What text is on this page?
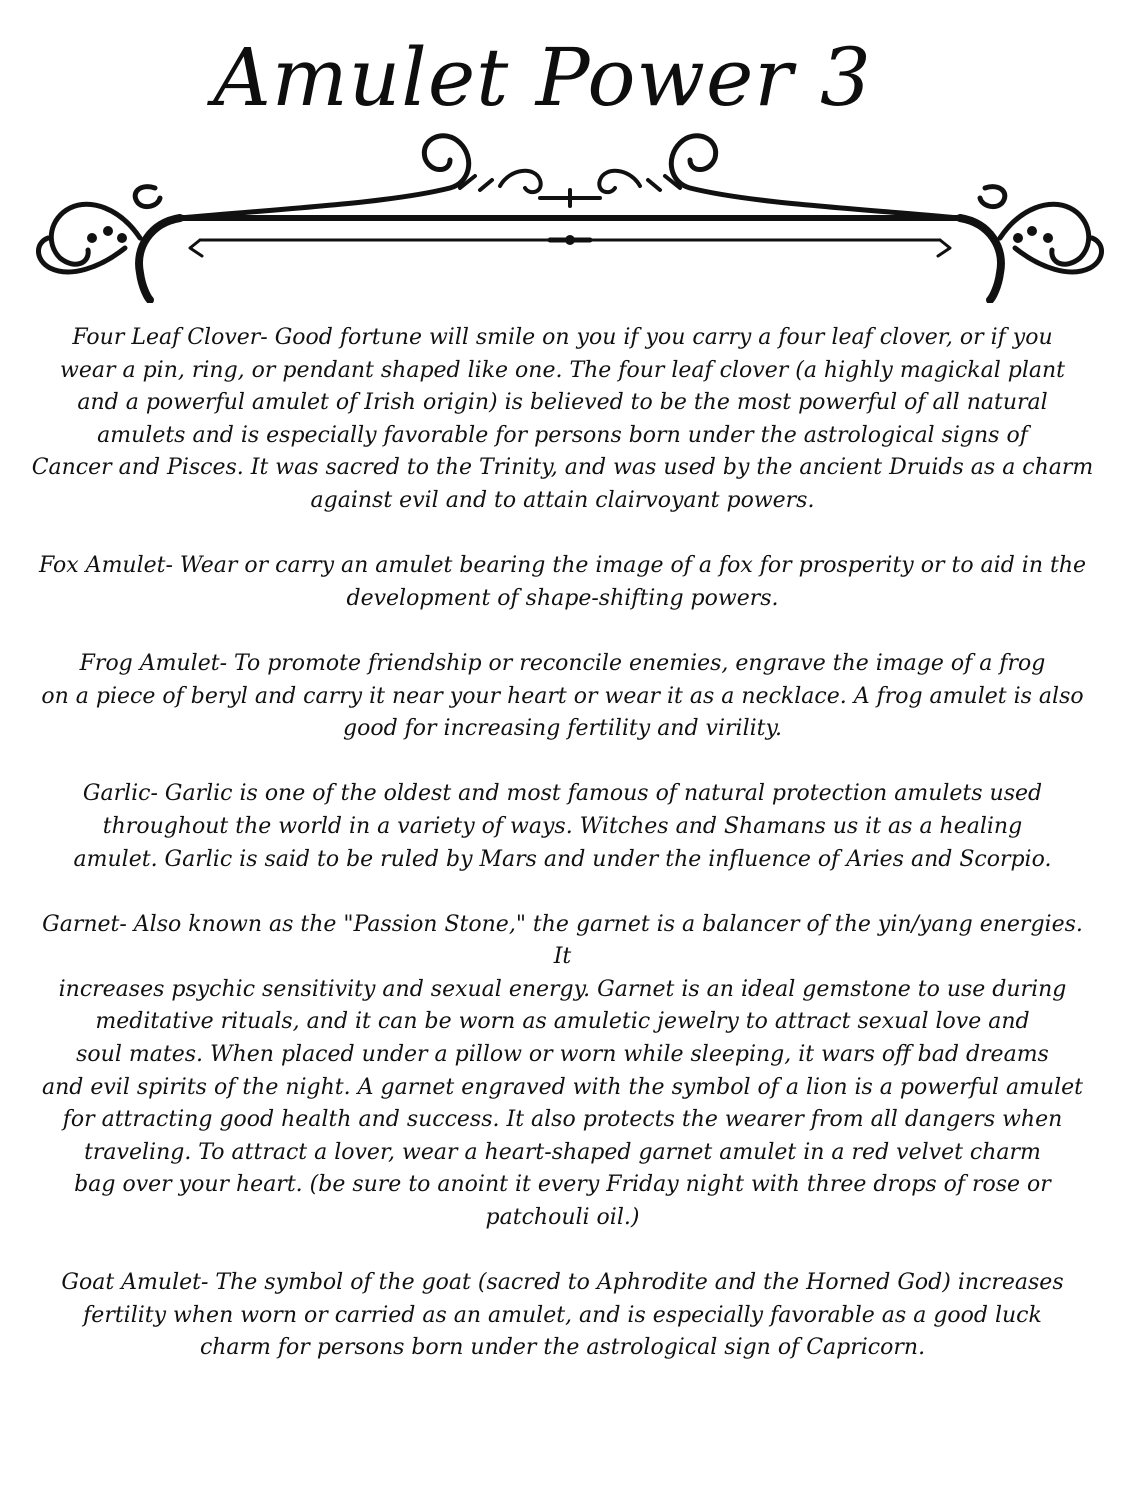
Amulet Power 3

Four Leaf Clover- Good fortune will smile on you if you carry a four leaf clover, or if you
wear a pin, ring, or pendant shaped like one. The four leaf clover (a highly magickal plant
and a powerful amulet of Irish origin) is believed to be the most powerful of all natural
amulets and is especially favorable for persons born under the astrological signs of
Cancer and Pisces. It was sacred to the Trinity, and was used by the ancient Druids as a charm
against evil and to attain clairvoyant powers.

Fox Amulet- Wear or carry an amulet bearing the image of a fox for prosperity or to aid in the
development of shape-shifting powers.

Frog Amulet- To promote friendship or reconcile enemies, engrave the image of a frog
on a piece of beryl and carry it near your heart or wear it as a necklace. A frog amulet is also
good for increasing fertility and virility.

Garlic- Garlic is one of the oldest and most famous of natural protection amulets used
throughout the world in a variety of ways. Witches and Shamans us it as a healing
amulet. Garlic is said to be ruled by Mars and under the influence of Aries and Scorpio.

Garnet- Also known as the "Passion Stone," the garnet is a balancer of the yin/yang energies. It
increases psychic sensitivity and sexual energy. Garnet is an ideal gemstone to use during
meditative rituals, and it can be worn as amuletic jewelry to attract sexual love and
soul mates. When placed under a pillow or worn while sleeping, it wars off bad dreams
and evil spirits of the night. A garnet engraved with the symbol of a lion is a powerful amulet
for attracting good health and success. It also protects the wearer from all dangers when
traveling. To attract a lover, wear a heart-shaped garnet amulet in a red velvet charm
bag over your heart. (be sure to anoint it every Friday night with three drops of rose or
patchouli oil.)

Goat Amulet- The symbol of the goat (sacred to Aphrodite and the Horned God) increases
fertility when worn or carried as an amulet, and is especially favorable as a good luck
charm for persons born under the astrological sign of Capricorn.
